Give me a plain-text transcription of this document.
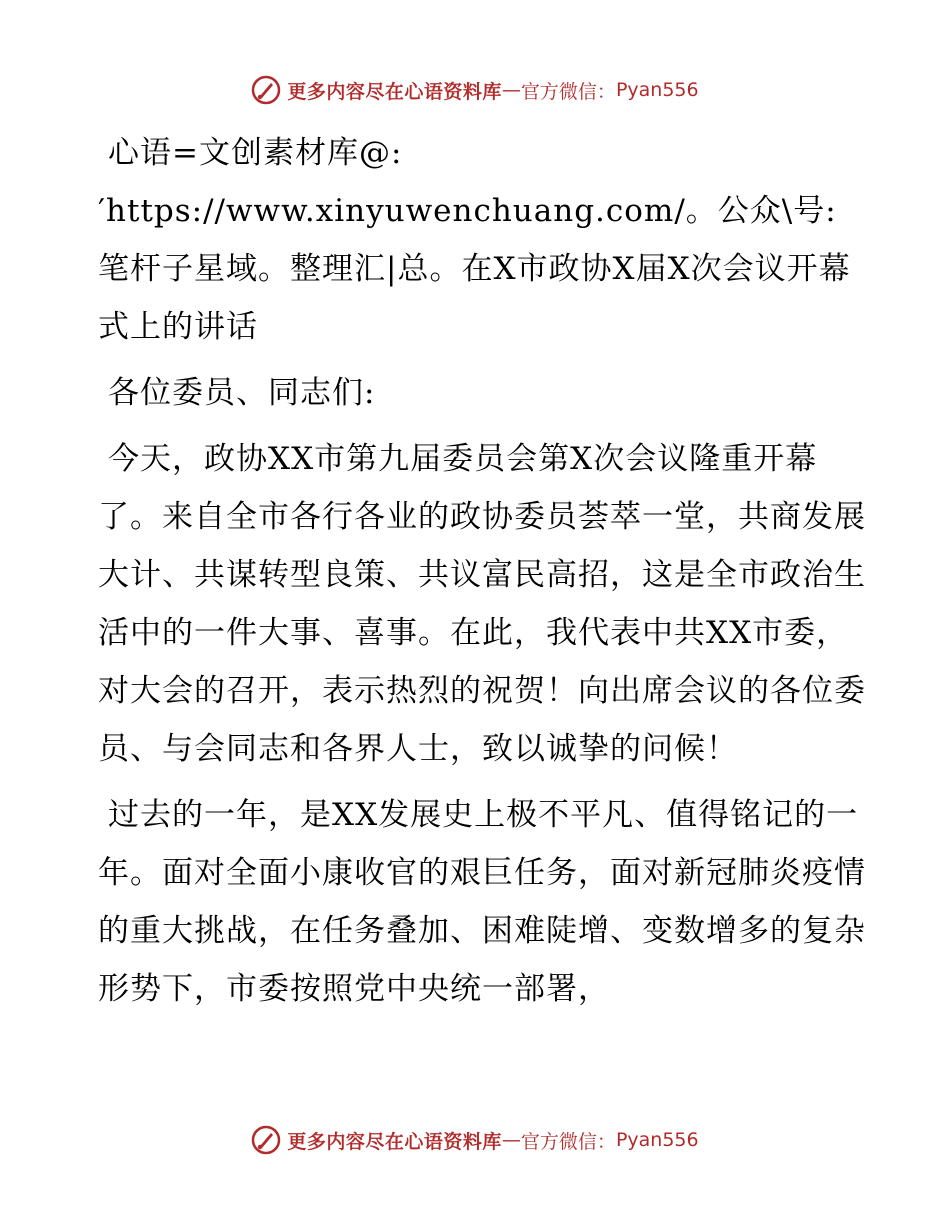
更多内容尽在心语资料库 — 官方微信： Pyan556

心语=文创素材库@:′https://www.xinyuwenchuang.com/。公众\号: 笔杆子星域。整理汇|总。在X市政协X届X次会议开幕式上的讲话

各位委员、同志们:

今天，政协XX市第九届委员会第X次会议隆重开幕了。来自全市各行各业的政协委员荟萃一堂，共商发展大计、共谋转型良策、共议富民高招，这是全市政治生活中的一件大事、喜事。在此，我代表中共XX市委，对大会的召开，表示热烈的祝贺！向出席会议的各位委员、与会同志和各界人士，致以诚挚的问候！

过去的一年，是XX发展史上极不平凡、值得铭记的一年。面对全面小康收官的艰巨任务，面对新冠肺炎疫情的重大挑战，在任务叠加、困难陡增、变数增多的复杂形势下，市委按照党中央统一部署，

更多内容尽在心语资料库 — 官方微信： Pyan556
